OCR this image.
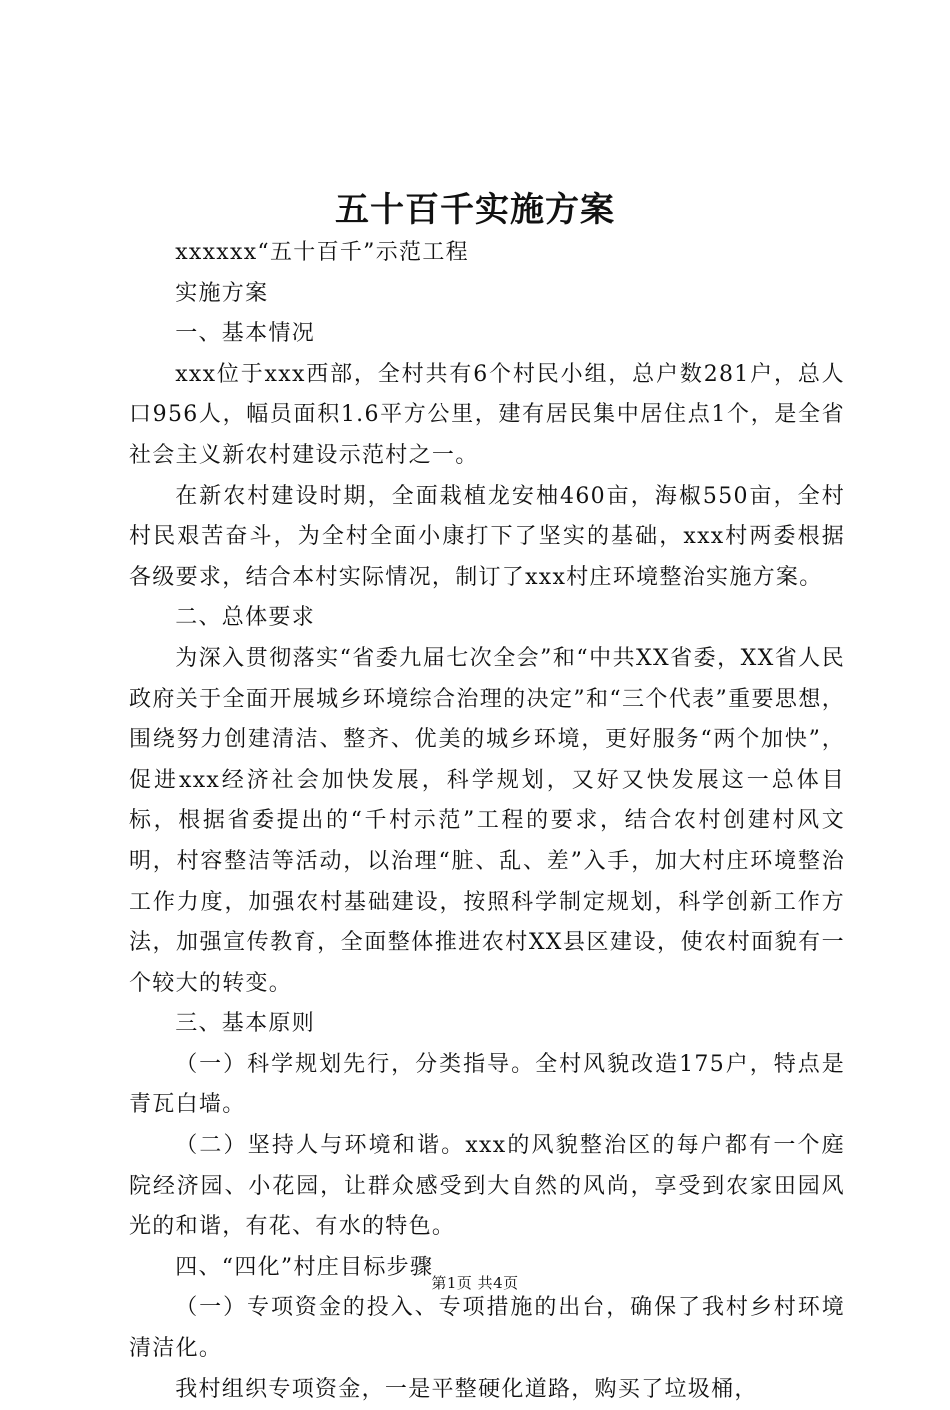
五十百千实施方案

xxxxxx“五十百千”示范工程

实施方案

一、基本情况

xxx位于xxx西部，全村共有6个村民小组，总户数281户，总人口956人，幅员面积1.6平方公里，建有居民集中居住点1个，是全省社会主义新农村建设示范村之一。

在新农村建设时期，全面栽植龙安柚460亩，海椒550亩，全村村民艰苦奋斗，为全村全面小康打下了坚实的基础，xxx村两委根据各级要求，结合本村实际情况，制订了xxx村庄环境整治实施方案。

二、总体要求

为深入贯彻落实“省委九届七次全会”和“中共XX省委，XX省人民政府关于全面开展城乡环境综合治理的决定”和“三个代表”重要思想，围绕努力创建清洁、整齐、优美的城乡环境，更好服务“两个加快”，促进xxx经济社会加快发展，科学规划，又好又快发展这一总体目标，根据省委提出的“千村示范”工程的要求，结合农村创建村风文明，村容整洁等活动，以治理“脏、乱、差”入手，加大村庄环境整治工作力度，加强农村基础建设，按照科学制定规划，科学创新工作方法，加强宣传教育，全面整体推进农村XX县区建设，使农村面貌有一个较大的转变。

三、基本原则

（一）科学规划先行，分类指导。全村风貌改造175户，特点是青瓦白墙。

（二）坚持人与环境和谐。xxx的风貌整治区的每户都有一个庭院经济园、小花园，让群众感受到大自然的风尚，享受到农家田园风光的和谐，有花、有水的特色。

四、“四化”村庄目标步骤

（一）专项资金的投入、专项措施的出台，确保了我村乡村环境清洁化。

我村组织专项资金，一是平整硬化道路，购买了垃圾桶，

第1页 共4页
